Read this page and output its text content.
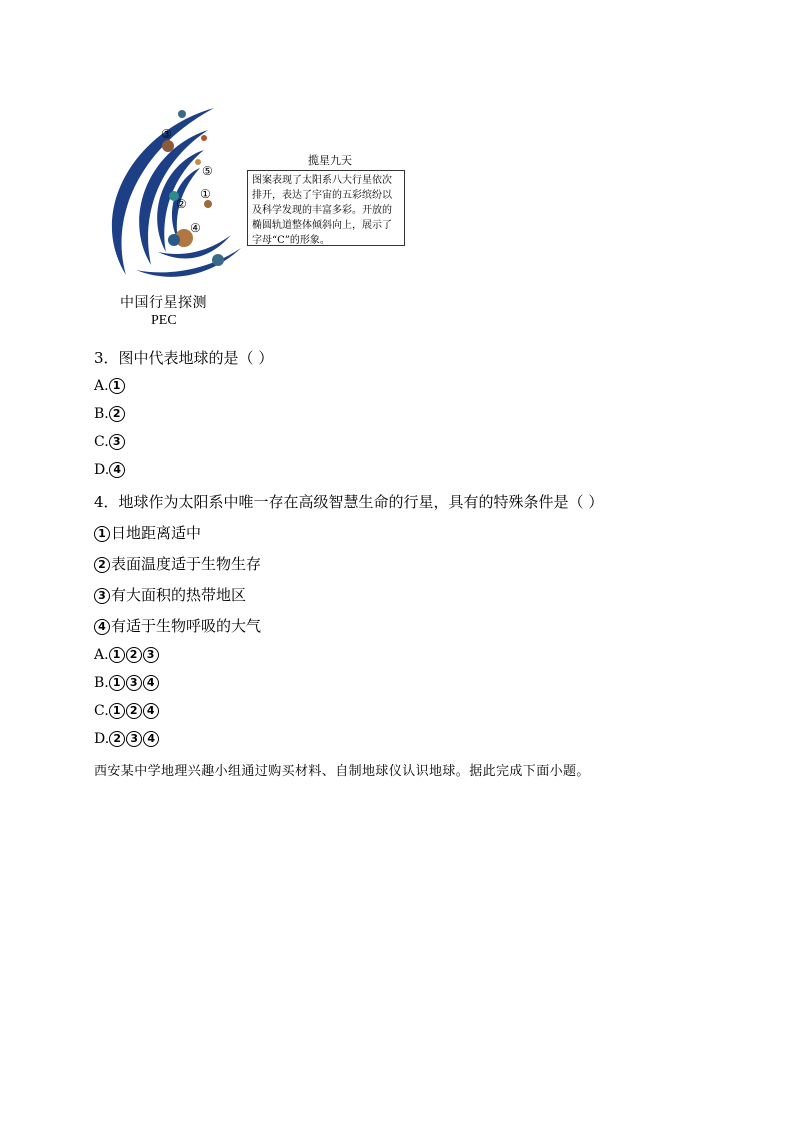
③
⑤
①
②
④
中国行星探测
PEC
揽星九天
图案表现了太阳系八大行星依次排开，表达了宇宙的五彩缤纷以及科学发现的丰富多彩。开放的椭圆轨道整体倾斜向上，展示了字母“C”的形象。
3．图中代表地球的是（ ）
A. 1
B. 2
C. 3
D. 4
4．地球作为太阳系中唯一存在高级智慧生命的行星，具有的特殊条件是（ ）
1 日地距离适中
2 表面温度适于生物生存
3 有大面积的热带地区
4 有适于生物呼吸的大气
A. 1 2 3
B. 1 3 4
C. 1 2 4
D. 2 3 4
西安某中学地理兴趣小组通过购买材料、自制地球仪认识地球。据此完成下面小题。
